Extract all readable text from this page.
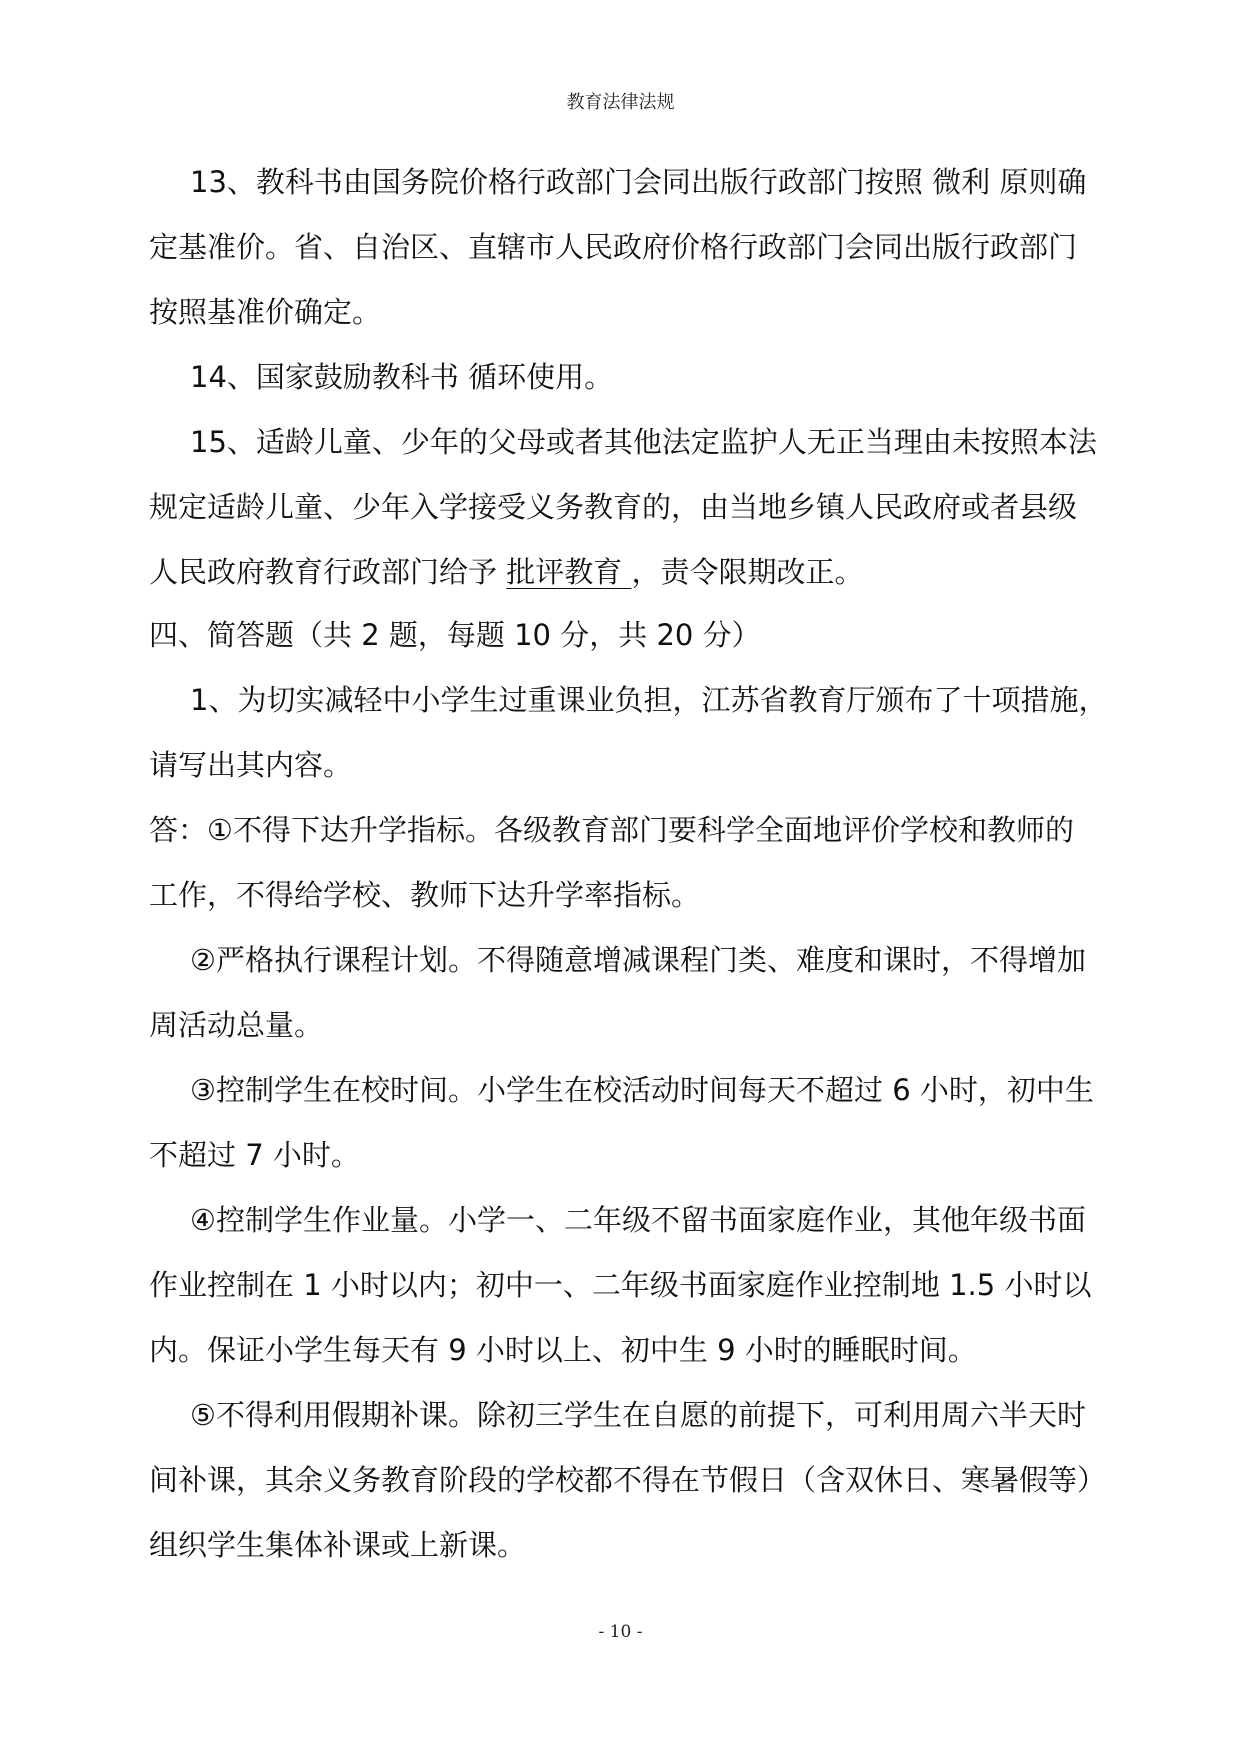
教育法律法规
13、教科书由国务院价格行政部门会同出版行政部门按照 微利 原则确
定基准价。省、自治区、直辖市人民政府价格行政部门会同出版行政部门
按照基准价确定。
14、国家鼓励教科书 循环使用。
15、适龄儿童、少年的父母或者其他法定监护人无正当理由未按照本法
规定适龄儿童、少年入学接受义务教育的，由当地乡镇人民政府或者县级
人民政府教育行政部门给予 批评教育 ，责令限期改正。
四、简答题（共 2 题，每题 10 分，共 20 分）
1、为切实减轻中小学生过重课业负担，江苏省教育厅颁布了十项措施，
请写出其内容。
答：①不得下达升学指标。各级教育部门要科学全面地评价学校和教师的
工作，不得给学校、教师下达升学率指标。
②严格执行课程计划。不得随意增减课程门类、难度和课时，不得增加
周活动总量。
③控制学生在校时间。小学生在校活动时间每天不超过 6 小时，初中生
不超过 7 小时。
④控制学生作业量。小学一、二年级不留书面家庭作业，其他年级书面
作业控制在 1 小时以内；初中一、二年级书面家庭作业控制地 1.5 小时以
内。保证小学生每天有 9 小时以上、初中生 9 小时的睡眠时间。
⑤不得利用假期补课。除初三学生在自愿的前提下，可利用周六半天时
间补课，其余义务教育阶段的学校都不得在节假日（含双休日、寒暑假等）
组织学生集体补课或上新课。
- 10 -
